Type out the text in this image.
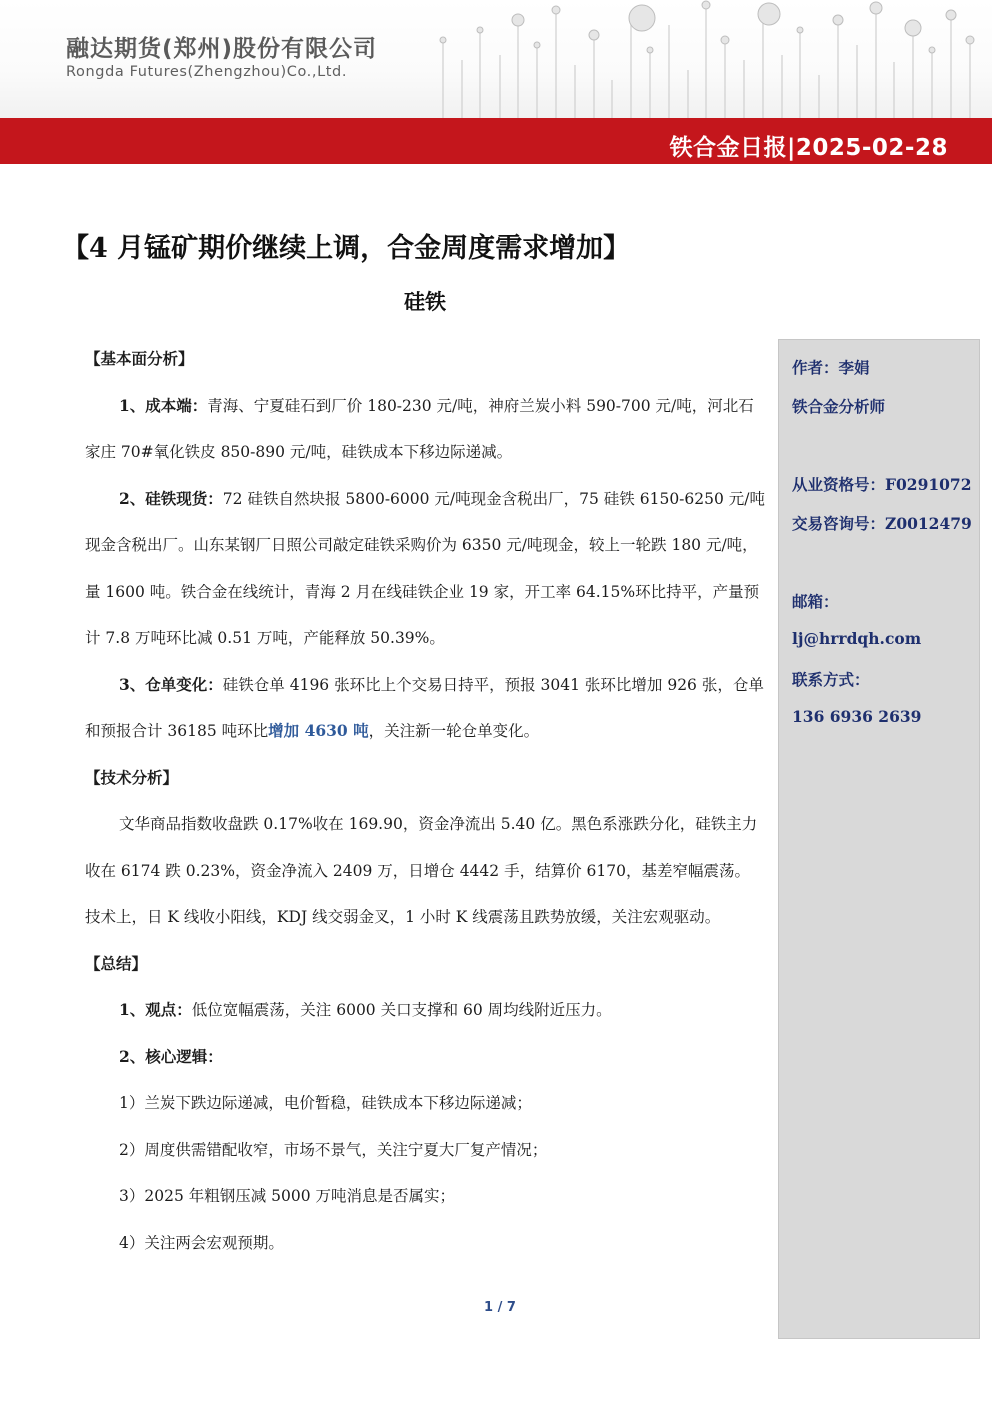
融达期货(郑州)股份有限公司
Rongda Futures(Zhengzhou)Co.,Ltd.
铁合金日报|2025-02-28
【4 月锰矿期价继续上调，合金周度需求增加】
硅铁

【基本面分析】

1、成本端：青海、宁夏硅石到厂价 180-230 元/吨，神府兰炭小料 590-700 元/吨，河北石家庄 70#氧化铁皮 850-890 元/吨，硅铁成本下移边际递减。

2、硅铁现货：72 硅铁自然块报 5800-6000 元/吨现金含税出厂，75 硅铁 6150-6250 元/吨现金含税出厂。山东某钢厂日照公司敲定硅铁采购价为 6350 元/吨现金，较上一轮跌 180 元/吨，量 1600 吨。铁合金在线统计，青海 2 月在线硅铁企业 19 家，开工率 64.15%环比持平，产量预计 7.8 万吨环比减 0.51 万吨，产能释放 50.39%。

3、仓单变化：硅铁仓单 4196 张环比上个交易日持平，预报 3041 张环比增加 926 张，仓单和预报合计 36185 吨环比增加 4630 吨，关注新一轮仓单变化。

【技术分析】

文华商品指数收盘跌 0.17%收在 169.90，资金净流出 5.40 亿。黑色系涨跌分化，硅铁主力收在 6174 跌 0.23%，资金净流入 2409 万，日增仓 4442 手，结算价 6170，基差窄幅震荡。技术上，日 K 线收小阳线，KDJ 线交弱金叉，1 小时 K 线震荡且跌势放缓，关注宏观驱动。

【总结】

1、观点：低位宽幅震荡，关注 6000 关口支撑和 60 周均线附近压力。

2、核心逻辑：

1）兰炭下跌边际递减，电价暂稳，硅铁成本下移边际递减；

2）周度供需错配收窄，市场不景气，关注宁夏大厂复产情况；

3）2025 年粗钢压减 5000 万吨消息是否属实；

4）关注两会宏观预期。

作者：李娟
铁合金分析师
从业资格号：F0291072
交易咨询号：Z0012479
邮箱：
lj@hrrdqh.com
联系方式：
136 6936 2639
1 / 7
